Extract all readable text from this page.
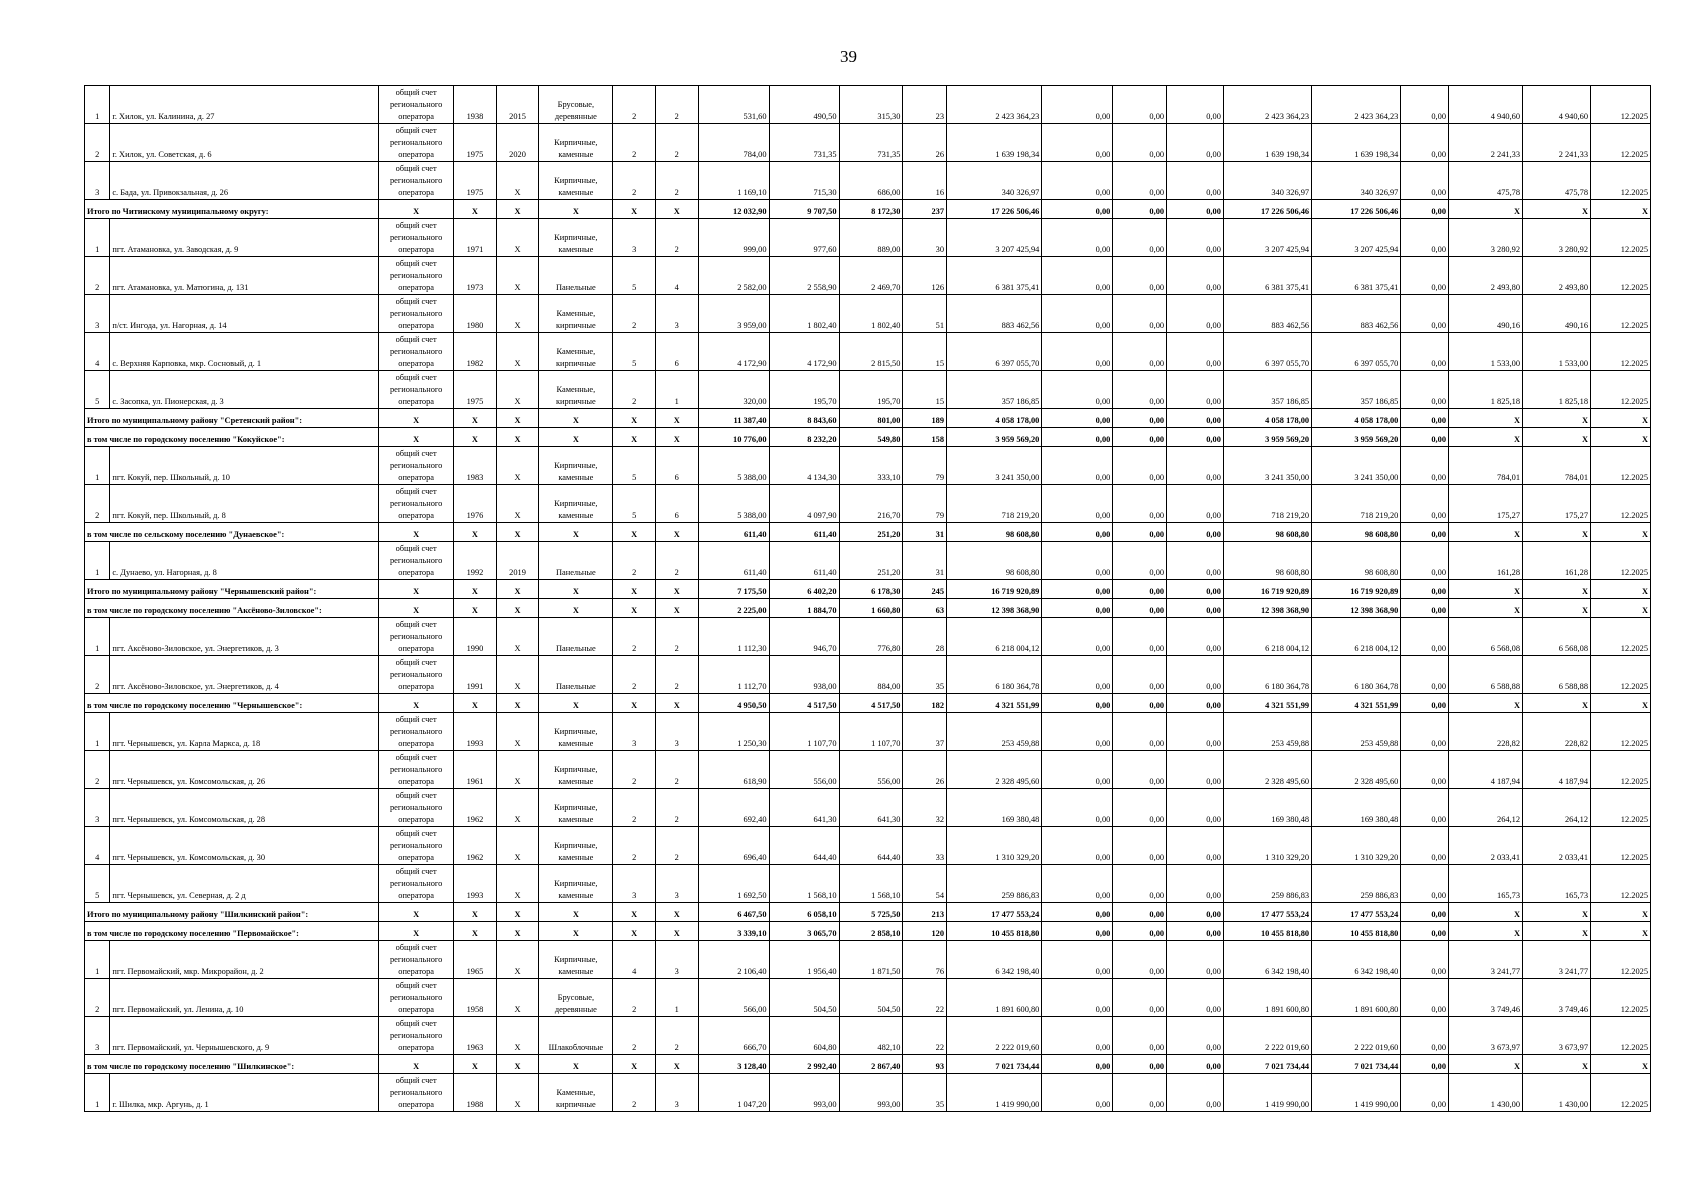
39
1	г. Хилок, ул. Калинина, д. 27	общий счет регионального оператора	1938	2015	Брусовые, деревянные	2	2	531,60	490,50	315,30	23	2 423 364,23	0,00	0,00	0,00	2 423 364,23	2 423 364,23	0,00	4 940,60	4 940,60	12.2025
2	г. Хилок, ул. Советская, д. 6	общий счет регионального оператора	1975	2020	Кирпичные, каменные	2	2	784,00	731,35	731,35	26	1 639 198,34	0,00	0,00	0,00	1 639 198,34	1 639 198,34	0,00	2 241,33	2 241,33	12.2025
3	с. Бада, ул. Привокзальная, д. 26	общий счет регионального оператора	1975	X	Кирпичные, каменные	2	2	1 169,10	715,30	686,00	16	340 326,97	0,00	0,00	0,00	340 326,97	340 326,97	0,00	475,78	475,78	12.2025
Итого по Читинскому муниципальному округу:		X	X	X	X	X	X	12 032,90	9 707,50	8 172,30	237	17 226 506,46	0,00	0,00	0,00	17 226 506,46	17 226 506,46	0,00	X	X	X
1	пгт. Атамановка, ул. Заводская, д. 9	общий счет регионального оператора	1971	X	Кирпичные, каменные	3	2	999,00	977,60	889,00	30	3 207 425,94	0,00	0,00	0,00	3 207 425,94	3 207 425,94	0,00	3 280,92	3 280,92	12.2025
2	пгт. Атамановка, ул. Матюгина, д. 131	общий счет регионального оператора	1973	X	Панельные	5	4	2 582,00	2 558,90	2 469,70	126	6 381 375,41	0,00	0,00	0,00	6 381 375,41	6 381 375,41	0,00	2 493,80	2 493,80	12.2025
3	п/ст. Ингода, ул. Нагорная, д. 14	общий счет регионального оператора	1980	X	Каменные, кирпичные	2	3	3 959,00	1 802,40	1 802,40	51	883 462,56	0,00	0,00	0,00	883 462,56	883 462,56	0,00	490,16	490,16	12.2025
4	с. Верхняя Карповка, мкр. Сосновый, д. 1	общий счет регионального оператора	1982	X	Каменные, кирпичные	5	6	4 172,90	4 172,90	2 815,50	15	6 397 055,70	0,00	0,00	0,00	6 397 055,70	6 397 055,70	0,00	1 533,00	1 533,00	12.2025
5	с. Засопка, ул. Пионерская, д. 3	общий счет регионального оператора	1975	X	Каменные, кирпичные	2	1	320,00	195,70	195,70	15	357 186,85	0,00	0,00	0,00	357 186,85	357 186,85	0,00	1 825,18	1 825,18	12.2025
Итого по муниципальному району "Сретенский район":		X	X	X	X	X	X	11 387,40	8 843,60	801,00	189	4 058 178,00	0,00	0,00	0,00	4 058 178,00	4 058 178,00	0,00	X	X	X
в том числе по городскому поселению "Кокуйское":		X	X	X	X	X	X	10 776,00	8 232,20	549,80	158	3 959 569,20	0,00	0,00	0,00	3 959 569,20	3 959 569,20	0,00	X	X	X
1	пгт. Кокуй, пер. Школьный, д. 10	общий счет регионального оператора	1983	X	Кирпичные, каменные	5	6	5 388,00	4 134,30	333,10	79	3 241 350,00	0,00	0,00	0,00	3 241 350,00	3 241 350,00	0,00	784,01	784,01	12.2025
2	пгт. Кокуй, пер. Школьный, д. 8	общий счет регионального оператора	1976	X	Кирпичные, каменные	5	6	5 388,00	4 097,90	216,70	79	718 219,20	0,00	0,00	0,00	718 219,20	718 219,20	0,00	175,27	175,27	12.2025
в том числе по сельскому поселению "Дунаевское":		X	X	X	X	X	X	611,40	611,40	251,20	31	98 608,80	0,00	0,00	0,00	98 608,80	98 608,80	0,00	X	X	X
1	с. Дунаево, ул. Нагорная, д. 8	общий счет регионального оператора	1992	2019	Панельные	2	2	611,40	611,40	251,20	31	98 608,80	0,00	0,00	0,00	98 608,80	98 608,80	0,00	161,28	161,28	12.2025
Итого по муниципальному району "Чернышевский район":		X	X	X	X	X	X	7 175,50	6 402,20	6 178,30	245	16 719 920,89	0,00	0,00	0,00	16 719 920,89	16 719 920,89	0,00	X	X	X
в том числе по городскому поселению "Аксёново-Зиловское":		X	X	X	X	X	X	2 225,00	1 884,70	1 660,80	63	12 398 368,90	0,00	0,00	0,00	12 398 368,90	12 398 368,90	0,00	X	X	X
1	пгт. Аксёново-Зиловское, ул. Энергетиков, д. 3	общий счет регионального оператора	1990	X	Панельные	2	2	1 112,30	946,70	776,80	28	6 218 004,12	0,00	0,00	0,00	6 218 004,12	6 218 004,12	0,00	6 568,08	6 568,08	12.2025
2	пгт. Аксёново-Зиловское, ул. Энергетиков, д. 4	общий счет регионального оператора	1991	X	Панельные	2	2	1 112,70	938,00	884,00	35	6 180 364,78	0,00	0,00	0,00	6 180 364,78	6 180 364,78	0,00	6 588,88	6 588,88	12.2025
в том числе по городскому поселению "Чернышевское":		X	X	X	X	X	X	4 950,50	4 517,50	4 517,50	182	4 321 551,99	0,00	0,00	0,00	4 321 551,99	4 321 551,99	0,00	X	X	X
1	пгт. Чернышевск, ул. Карла Маркса, д. 18	общий счет регионального оператора	1993	X	Кирпичные, каменные	3	3	1 250,30	1 107,70	1 107,70	37	253 459,88	0,00	0,00	0,00	253 459,88	253 459,88	0,00	228,82	228,82	12.2025
2	пгт. Чернышевск, ул. Комсомольская, д. 26	общий счет регионального оператора	1961	X	Кирпичные, каменные	2	2	618,90	556,00	556,00	26	2 328 495,60	0,00	0,00	0,00	2 328 495,60	2 328 495,60	0,00	4 187,94	4 187,94	12.2025
3	пгт. Чернышевск, ул. Комсомольская, д. 28	общий счет регионального оператора	1962	X	Кирпичные, каменные	2	2	692,40	641,30	641,30	32	169 380,48	0,00	0,00	0,00	169 380,48	169 380,48	0,00	264,12	264,12	12.2025
4	пгт. Чернышевск, ул. Комсомольская, д. 30	общий счет регионального оператора	1962	X	Кирпичные, каменные	2	2	696,40	644,40	644,40	33	1 310 329,20	0,00	0,00	0,00	1 310 329,20	1 310 329,20	0,00	2 033,41	2 033,41	12.2025
5	пгт. Чернышевск, ул. Северная, д. 2 д	общий счет регионального оператора	1993	X	Кирпичные, каменные	3	3	1 692,50	1 568,10	1 568,10	54	259 886,83	0,00	0,00	0,00	259 886,83	259 886,83	0,00	165,73	165,73	12.2025
Итого по муниципальному району "Шилкинский район":		X	X	X	X	X	X	6 467,50	6 058,10	5 725,50	213	17 477 553,24	0,00	0,00	0,00	17 477 553,24	17 477 553,24	0,00	X	X	X
в том числе по городскому поселению "Первомайское":		X	X	X	X	X	X	3 339,10	3 065,70	2 858,10	120	10 455 818,80	0,00	0,00	0,00	10 455 818,80	10 455 818,80	0,00	X	X	X
1	пгт. Первомайский, мкр. Микрорайон, д. 2	общий счет регионального оператора	1965	X	Кирпичные, каменные	4	3	2 106,40	1 956,40	1 871,50	76	6 342 198,40	0,00	0,00	0,00	6 342 198,40	6 342 198,40	0,00	3 241,77	3 241,77	12.2025
2	пгт. Первомайский, ул. Ленина, д. 10	общий счет регионального оператора	1958	X	Брусовые, деревянные	2	1	566,00	504,50	504,50	22	1 891 600,80	0,00	0,00	0,00	1 891 600,80	1 891 600,80	0,00	3 749,46	3 749,46	12.2025
3	пгт. Первомайский, ул. Чернышевского, д. 9	общий счет регионального оператора	1963	X	Шлакоблочные	2	2	666,70	604,80	482,10	22	2 222 019,60	0,00	0,00	0,00	2 222 019,60	2 222 019,60	0,00	3 673,97	3 673,97	12.2025
в том числе по городскому поселению "Шилкинское":		X	X	X	X	X	X	3 128,40	2 992,40	2 867,40	93	7 021 734,44	0,00	0,00	0,00	7 021 734,44	7 021 734,44	0,00	X	X	X
1	г. Шилка, мкр. Аргунь, д. 1	общий счет регионального оператора	1988	X	Каменные, кирпичные	2	3	1 047,20	993,00	993,00	35	1 419 990,00	0,00	0,00	0,00	1 419 990,00	1 419 990,00	0,00	1 430,00	1 430,00	12.2025
